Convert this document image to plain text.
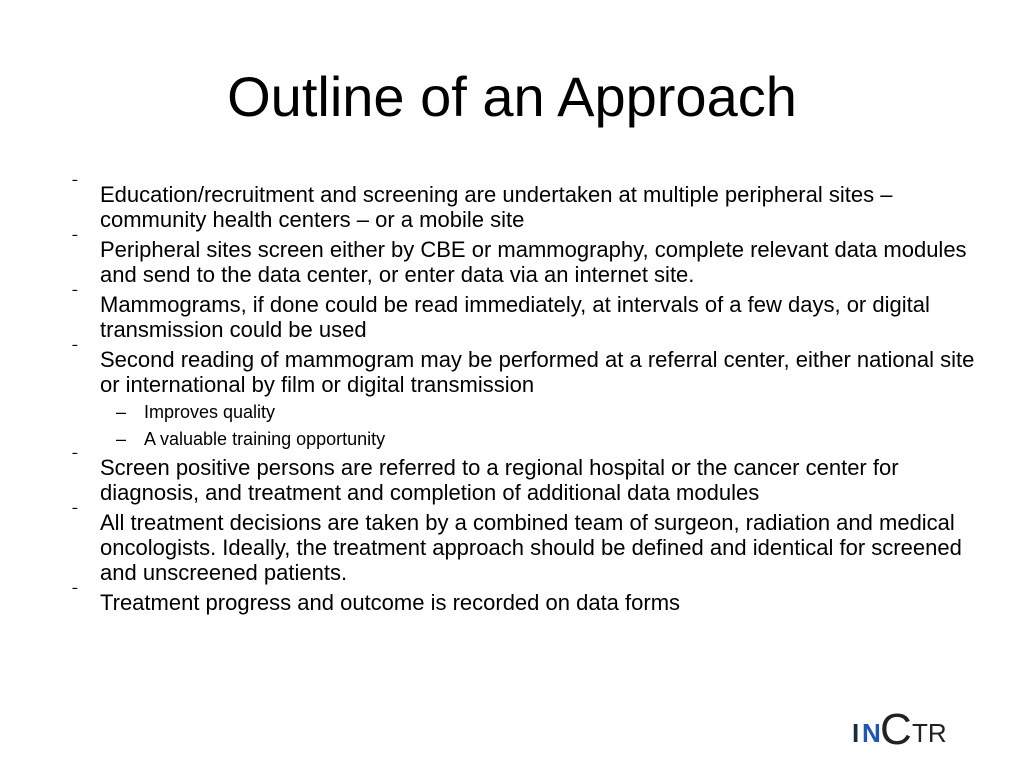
Outline of an Approach
ˉ Education/recruitment and screening are undertaken at multiple peripheral sites – community health centers – or a mobile site
ˉ Peripheral sites screen either by CBE or mammography, complete relevant data modules and send to the data center, or enter data via an internet site.
ˉ Mammograms, if done could be read immediately, at intervals of a few days, or digital transmission could be used
ˉ Second reading of mammogram may be performed at a referral center, either national site or international by film or digital transmission
– Improves quality
– A valuable training opportunity
ˉ Screen positive persons are referred to a regional hospital or the cancer center for diagnosis, and treatment and completion of additional data modules
ˉ All treatment decisions are taken by a combined team of surgeon, radiation and medical oncologists. Ideally, the treatment approach should be defined and identical for screened and unscreened patients.
ˉ Treatment progress and outcome is recorded on data forms
I N C TR
